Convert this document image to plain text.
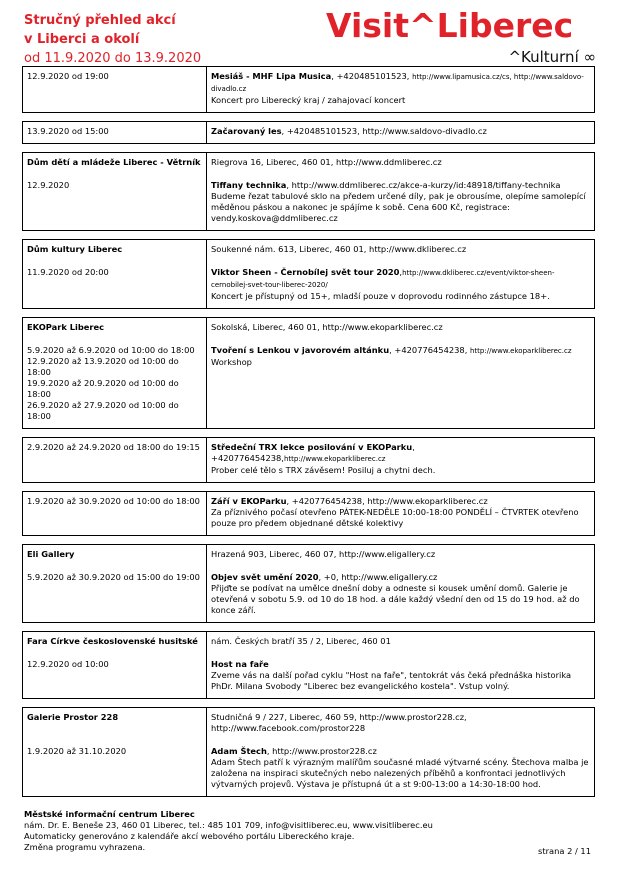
Stručný přehled akcí
v Liberci a okolí
od 11.9.2020 do 13.9.2020
Visit^Liberec
^Kulturní ∞
12.9.2020 od 19:00	Mesiáš - MHF Lipa Musica, +420485101523, http://www.lipamusica.cz/cs, http://www.saldovo-divadlo.cz
Koncert pro Liberecký kraj / zahajovací koncert

13.9.2020 od 15:00	Začarovaný les, +420485101523, http://www.saldovo-divadlo.cz

Dům dětí a mládeže Liberec - Větrník	Riegrova 16, Liberec, 460 01, http://www.ddmliberec.cz
12.9.2020	Tiffany technika, http://www.ddmliberec.cz/akce-a-kurzy/id:48918/tiffany-technika
Budeme řezat tabulové sklo na předem určené díly, pak je obrousíme, olepíme samolepící měděnou páskou a nakonec je spájíme k sobě. Cena 600 Kč, registrace: vendy.koskova@ddmliberec.cz

Dům kultury Liberec	Soukenné nám. 613, Liberec, 460 01, http://www.dkliberec.cz
11.9.2020 od 20:00	Viktor Sheen - Černobílej svět tour 2020,http://www.dkliberec.cz/event/viktor-sheen-cernobilej-svet-tour-liberec-2020/
Koncert je přístupný od 15+, mladší pouze v doprovodu rodinného zástupce 18+.

EKOPark Liberec	Sokolská, Liberec, 460 01, http://www.ekoparkliberec.cz
5.9.2020 až 6.9.2020 od 10:00 do 18:00
12.9.2020 až 13.9.2020 od 10:00 do 18:00
19.9.2020 až 20.9.2020 od 10:00 do 18:00
26.9.2020 až 27.9.2020 od 10:00 do 18:00	Tvoření s Lenkou v javorovém altánku, +420776454238, http://www.ekoparkliberec.cz
Workshop

2.9.2020 až 24.9.2020 od 18:00 do 19:15	Středeční TRX lekce posilování v EKOParku, +420776454238,http://www.ekoparkliberec.cz
Prober celé tělo s TRX závěsem! Posiluj a chytni dech.

1.9.2020 až 30.9.2020 od 10:00 do 18:00	Září v EKOParku, +420776454238, http://www.ekoparkliberec.cz
Za příznivého počasí otevřeno PÁTEK-NEDĚLE 10:00-18:00 PONDĚLÍ – ČTVRTEK otevřeno pouze pro předem objednané dětské kolektivy

Eli Gallery	Hrazená 903, Liberec, 460 07, http://www.eligallery.cz
5.9.2020 až 30.9.2020 od 15:00 do 19:00	Objev svět umění 2020, +0, http://www.eligallery.cz
Přijďte se podívat na umělce dnešní doby a odneste si kousek umění domů. Galerie je otevřená v sobotu 5.9. od 10 do 18 hod. a dále každý všední den od 15 do 19 hod. až do konce září.

Fara Církve československé husitské	nám. Českých bratří 35 / 2, Liberec, 460 01
12.9.2020 od 10:00	Host na faře
Zveme vás na další pořad cyklu "Host na faře", tentokrát vás čeká přednáška historika PhDr. Milana Svobody "Liberec bez evangelického kostela". Vstup volný.

Galerie Prostor 228	Studničná 9 / 227, Liberec, 460 59, http://www.prostor228.cz, http://www.facebook.com/prostor228
1.9.2020 až 31.10.2020	Adam Štech, http://www.prostor228.cz
Adam Štech patří k výrazným malířům současné mladé výtvarné scény. Štechova malba je založena na inspiraci skutečných nebo nalezených příběhů a konfrontaci jednotlivých výtvarných projevů. Výstava je přístupná út a st 9:00-13:00 a 14:30-18:00 hod.
Městské informační centrum Liberec
nám. Dr. E. Beneše 23, 460 01 Liberec, tel.: 485 101 709, info@visitliberec.eu, www.visitliberec.eu
Automaticky generováno z kalendáře akcí webového portálu Libereckého kraje.
Změna programu vyhrazena.	strana 2 / 11
